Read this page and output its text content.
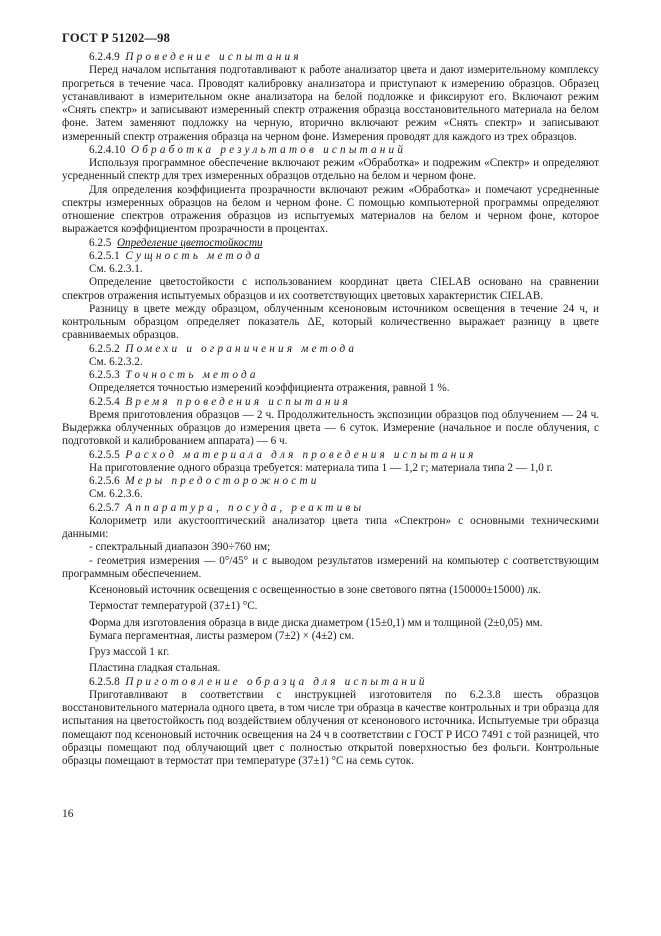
ГОСТ Р 51202—98
6.2.4.9 Проведение испытания

Перед началом испытания подготавливают к работе анализатор цвета и дают измерительному комплексу прогреться в течение часа. Проводят калибровку анализатора и приступают к измерению образцов. Образец устанавливают в измерительном окне анализатора на белой подложке и фиксируют его. Включают режим «Снять спектр» и записывают измеренный спектр отражения образца восстановительного материала на белом фоне. Затем заменяют подложку на черную, вторично включают режим «Снять спектр» и записывают измеренный спектр отражения образца на черном фоне. Измерения проводят для каждого из трех образцов.

6.2.4.10 Обработка результатов испытаний

Используя программное обеспечение включают режим «Обработка» и подрежим «Спектр» и определяют усредненный спектр для трех измеренных образцов отдельно на белом и черном фоне.

Для определения коэффициента прозрачности включают режим «Обработка» и помечают усредненные спектры измеренных образцов на белом и черном фоне. С помощью компьютерной программы определяют отношение спектров отражения образцов из испытуемых материалов на белом и черном фоне, которое выражается коэффициентом прозрачности в процентах.

6.2.5 Определение цветостойкости
6.2.5.1 Сущность метода

См. 6.2.3.1.

Определение цветостойкости с использованием координат цвета CIELAB основано на сравнении спектров отражения испытуемых образцов и их соответствующих цветовых характеристик CIELAB.

Разницу в цвете между образцом, облученным ксеноновым источником освещения в течение 24 ч, и контрольным образцом определяет показатель ΔE, который количественно выражает разницу в цвете сравниваемых образцов.

6.2.5.2 Помехи и ограничения метода

См. 6.2.3.2.

6.2.5.3 Точность метода

Определяется точностью измерений коэффициента отражения, равной 1 %.

6.2.5.4 Время проведения испытания

Время приготовления образцов — 2 ч. Продолжительность экспозиции образцов под облучением — 24 ч. Выдержка облученных образцов до измерения цвета — 6 суток. Измерение (начальное и после облучения, с подготовкой и калиброванием аппарата) — 6 ч.

6.2.5.5 Расход материала для проведения испытания

На приготовление одного образца требуется: материала типа 1 — 1,2 г; материала типа 2 — 1,0 г.

6.2.5.6 Меры предосторожности

См. 6.2.3.6.

6.2.5.7 Аппаратура, посуда, реактивы

Колориметр или акустооптический анализатор цвета типа «Спектрон» с основными техническими данными:

- спектральный диапазон 390÷760 нм;

- геометрия измерения — 0°/45° и с выводом результатов измерений на компьютер с соответствующим программным обеспечением.

Ксеноновый источник освещения с освещенностью в зоне светового пятна (150000±15000) лк.

Термостат температурой (37±1) °С.

Форма для изготовления образца в виде диска диаметром (15±0,1) мм и толщиной (2±0,05) мм.

Бумага пергаментная, листы размером (7±2) × (4±2) см.

Груз массой 1 кг.

Пластина гладкая стальная.

6.2.5.8 Приготовление образца для испытаний

Приготавливают в соответствии с инструкцией изготовителя по 6.2.3.8 шесть образцов восстановительного материала одного цвета, в том числе три образца в качестве контрольных и три образца для испытания на цветостойкость под воздействием облучения от ксенонового источника. Испытуемые три образца помещают под ксеноновый источник освещения на 24 ч в соответствии с ГОСТ Р ИСО 7491 с той разницей, что образцы помещают под облучающий цвет с полностью открытой поверхностью без фольги. Контрольные образцы помещают в термостат при температуре (37±1) °С на семь суток.

16
